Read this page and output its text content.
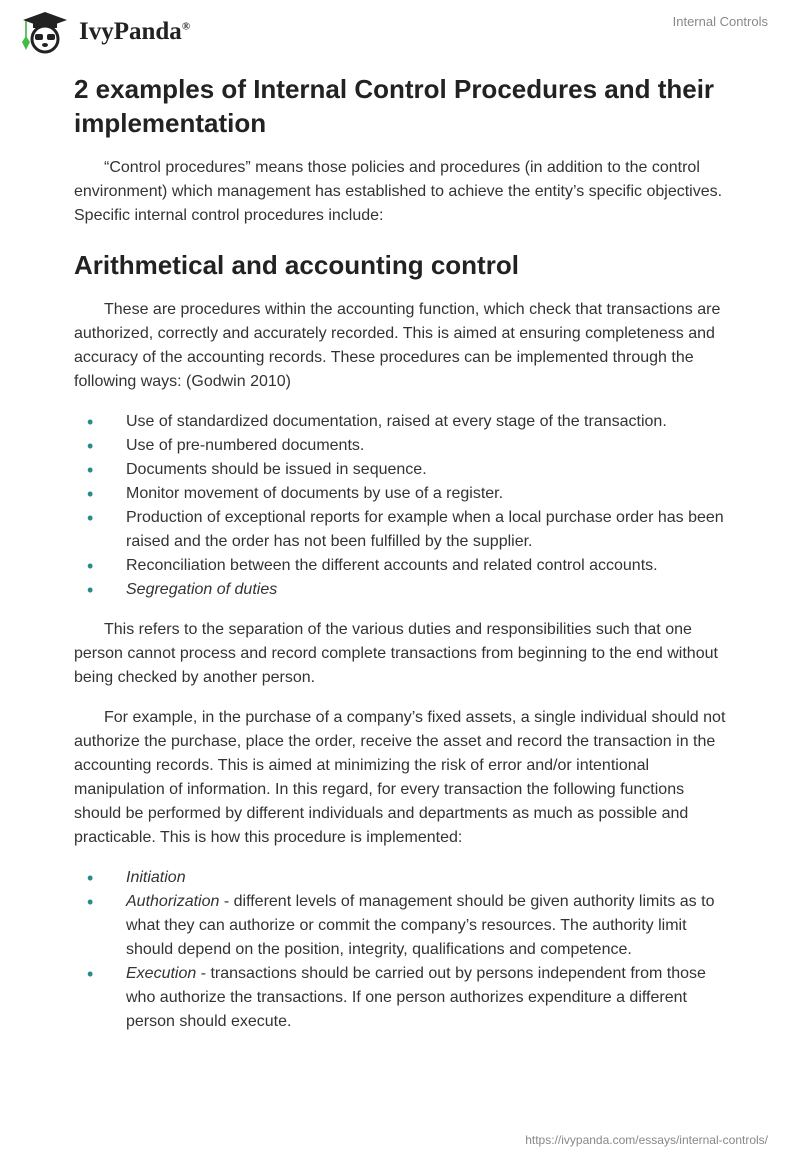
IvyPanda®	Internal Controls
2 examples of Internal Control Procedures and their implementation

“Control procedures” means those policies and procedures (in addition to the control environment) which management has established to achieve the entity’s specific objectives. Specific internal control procedures include:

Arithmetical and accounting control

These are procedures within the accounting function, which check that transactions are authorized, correctly and accurately recorded. This is aimed at ensuring completeness and accuracy of the accounting records. These procedures can be implemented through the following ways: (Godwin 2010)

• Use of standardized documentation, raised at every stage of the transaction.
• Use of pre-numbered documents.
• Documents should be issued in sequence.
• Monitor movement of documents by use of a register.
• Production of exceptional reports for example when a local purchase order has been raised and the order has not been fulfilled by the supplier.
• Reconciliation between the different accounts and related control accounts.
• Segregation of duties

This refers to the separation of the various duties and responsibilities such that one person cannot process and record complete transactions from beginning to the end without being checked by another person.

For example, in the purchase of a company’s fixed assets, a single individual should not authorize the purchase, place the order, receive the asset and record the transaction in the accounting records. This is aimed at minimizing the risk of error and/or intentional manipulation of information. In this regard, for every transaction the following functions should be performed by different individuals and departments as much as possible and practicable. This is how this procedure is implemented:

• Initiation
• Authorization - different levels of management should be given authority limits as to what they can authorize or commit the company’s resources. The authority limit should depend on the position, integrity, qualifications and competence.
• Execution - transactions should be carried out by persons independent from those who authorize the transactions. If one person authorizes expenditure a different person should execute.
https://ivypanda.com/essays/internal-controls/
